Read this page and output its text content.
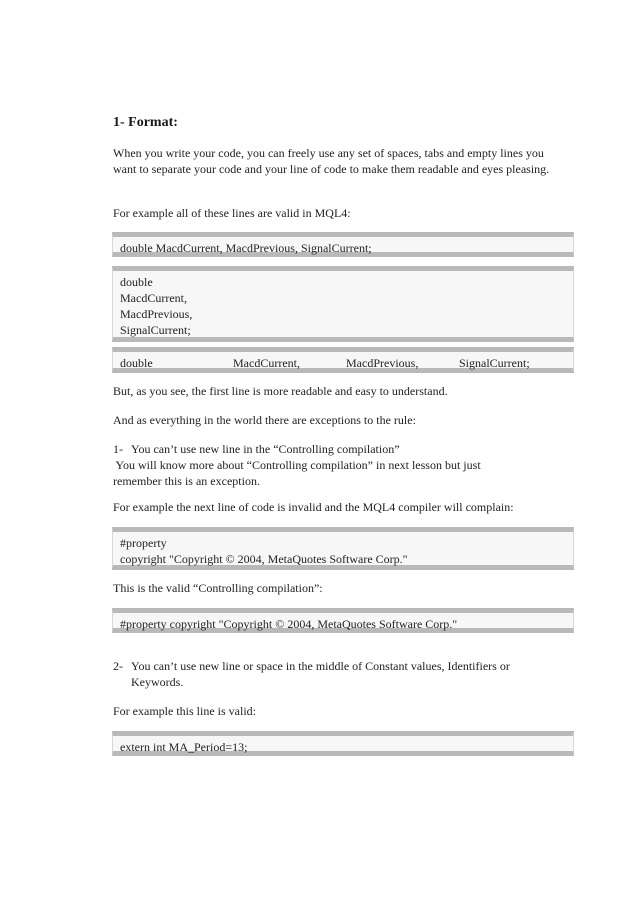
1- Format:
When you write your code, you can freely use any set of spaces, tabs and empty lines you want to separate your code and your line of code to make them readable and eyes pleasing.
For example all of these lines are valid in MQL4:
double MacdCurrent, MacdPrevious, SignalCurrent;
double
MacdCurrent,
MacdPrevious,
SignalCurrent;
double	MacdCurrent,	MacdPrevious,	SignalCurrent;
But, as you see, the first line is more readable and easy to understand.
And as everything in the world there are exceptions to the rule:
1- You can’t use new line in the “Controlling compilation”
You will know more about “Controlling compilation” in next lesson but just
remember this is an exception.
For example the next line of code is invalid and the MQL4 compiler will complain:
#property
copyright "Copyright © 2004, MetaQuotes Software Corp."
This is the valid “Controlling compilation”:
#property copyright "Copyright © 2004, MetaQuotes Software Corp."
2- You can’t use new line or space in the middle of Constant values, Identifiers or
Keywords.
For example this line is valid:
extern int MA_Period=13;
